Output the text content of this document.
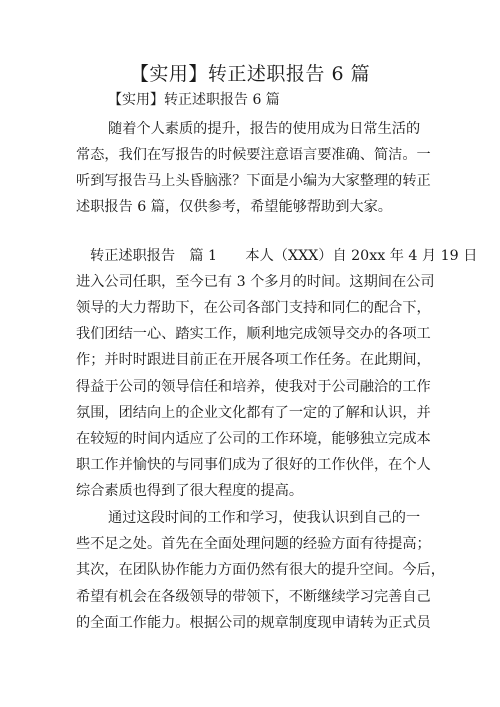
【实用】转正述职报告 6 篇
【实用】转正述职报告 6 篇
随着个人素质的提升，报告的使用成为日常生活的
常态，我们在写报告的时候要注意语言要准确、简洁。一
听到写报告马上头昏脑涨？下面是小编为大家整理的转正
述职报告 6 篇，仅供参考，希望能够帮助到大家。
转正述职报告　篇 1　　本人（XXX）自 20xx 年 4 月 19 日
进入公司任职，至今已有 3 个多月的时间。这期间在公司
领导的大力帮助下，在公司各部门支持和同仁的配合下，
我们团结一心、踏实工作，顺利地完成领导交办的各项工
作；并时时跟进目前正在开展各项工作任务。在此期间，
得益于公司的领导信任和培养，使我对于公司融洽的工作
氛围，团结向上的企业文化都有了一定的了解和认识，并
在较短的时间内适应了公司的工作环境，能够独立完成本
职工作并愉快的与同事们成为了很好的工作伙伴，在个人
综合素质也得到了很大程度的提高。
通过这段时间的工作和学习，使我认识到自己的一
些不足之处。首先在全面处理问题的经验方面有待提高；
其次，在团队协作能力方面仍然有很大的提升空间。今后，
希望有机会在各级领导的带领下，不断继续学习完善自己
的全面工作能力。根据公司的规章制度现申请转为正式员
